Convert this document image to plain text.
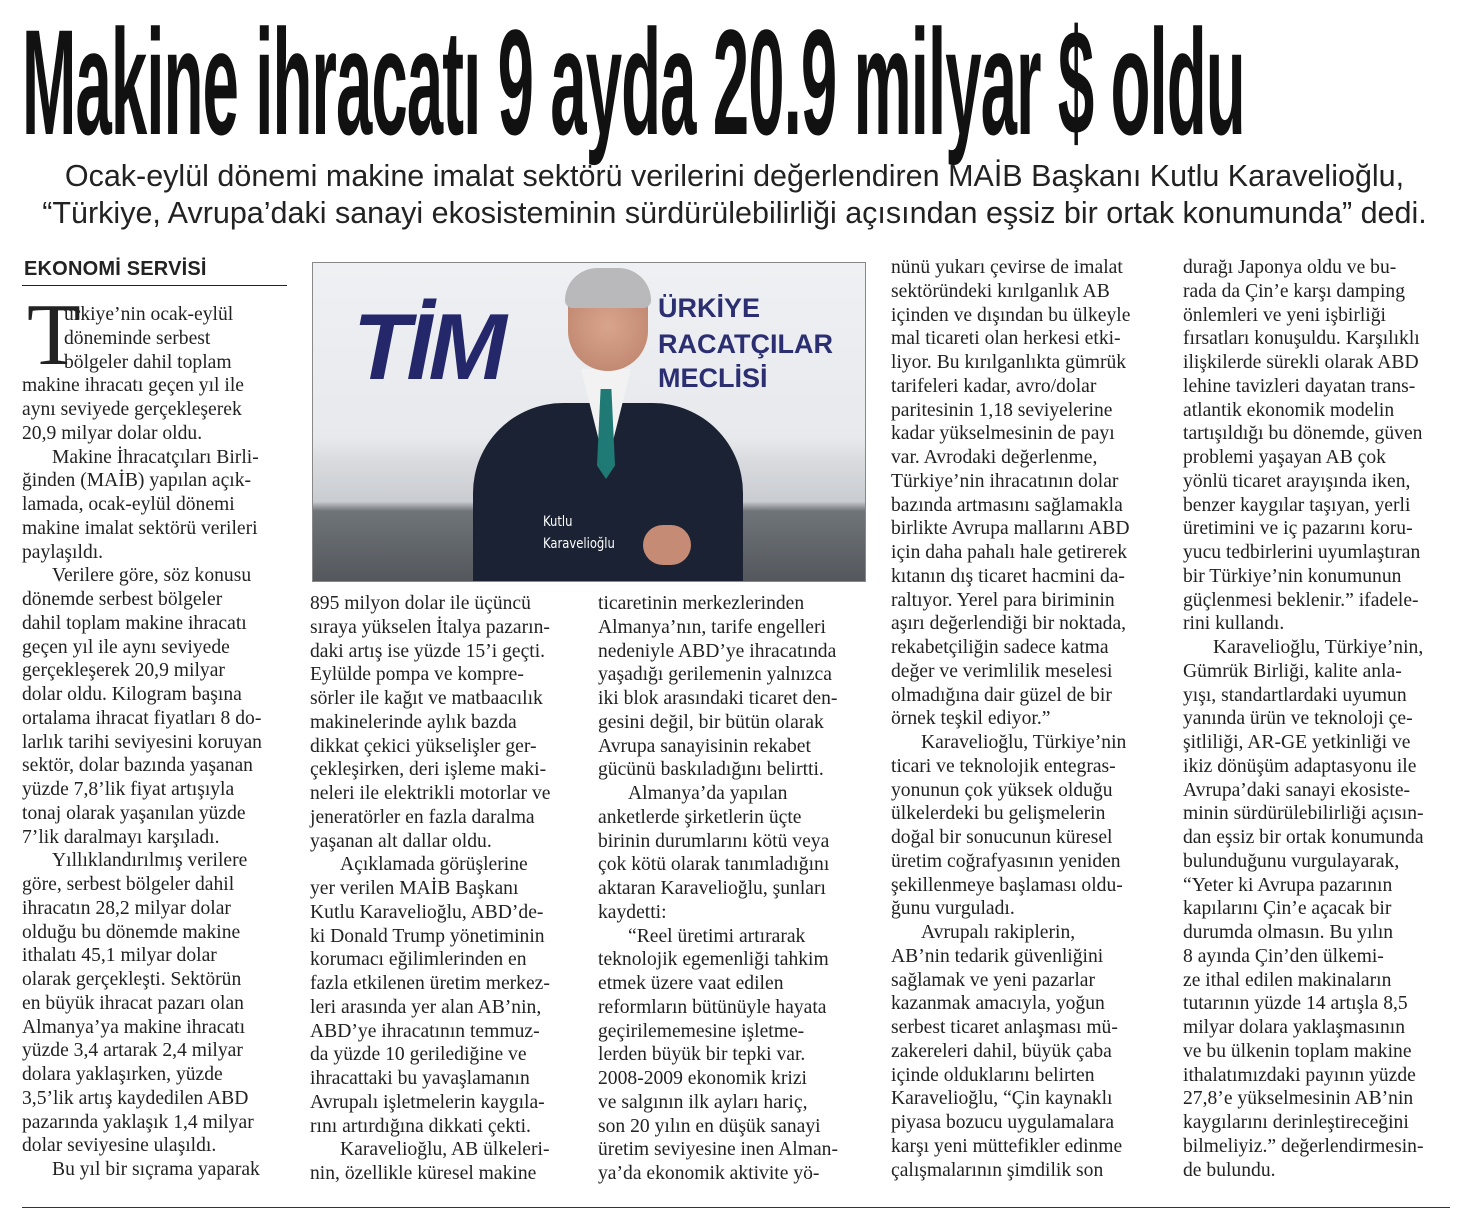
Makine ihracatı 9 ayda 20.9 milyar $ oldu
Ocak-eylül dönemi makine imalat sektörü verilerini değerlendiren MAİB Başkanı Kutlu Karavelioğlu,
“Türkiye, Avrupa’daki sanayi ekosisteminin sürdürülebilirliği açısından eşsiz bir ortak konumunda” dedi.
EKONOMİ SERVİSİ
T	TİM	ÜRKİYE
RACATÇILAR
MECLİSİ
Kutlu
Karavelioğlu
ürkiye’nin ocak-eylül
döneminde serbest
bölgeler dahil toplam
makine ihracatı geçen yıl ile
aynı seviyede gerçekleşerek
20,9 milyar dolar oldu.
Makine İhracatçıları Birli-
ğinden (MAİB) yapılan açık-
lamada, ocak-eylül dönemi
makine imalat sektörü verileri
paylaşıldı.
Verilere göre, söz konusu
dönemde serbest bölgeler
dahil toplam makine ihracatı
geçen yıl ile aynı seviyede
gerçekleşerek 20,9 milyar
dolar oldu. Kilogram başına
ortalama ihracat fiyatları 8 do-
larlık tarihi seviyesini koruyan
sektör, dolar bazında yaşanan
yüzde 7,8’lik fiyat artışıyla
tonaj olarak yaşanılan yüzde
7’lik daralmayı karşıladı.
Yıllıklandırılmış verilere
göre, serbest bölgeler dahil
ihracatın 28,2 milyar dolar
olduğu bu dönemde makine
ithalatı 45,1 milyar dolar
olarak gerçekleşti. Sektörün
en büyük ihracat pazarı olan
Almanya’ya makine ihracatı
yüzde 3,4 artarak 2,4 milyar
dolara yaklaşırken, yüzde
3,5’lik artış kaydedilen ABD
pazarında yaklaşık 1,4 milyar
dolar seviyesine ulaşıldı.
Bu yıl bir sıçrama yaparak
895 milyon dolar ile üçüncü
sıraya yükselen İtalya pazarın-
daki artış ise yüzde 15’i geçti.
Eylülde pompa ve kompre-
sörler ile kağıt ve matbaacılık
makinelerinde aylık bazda
dikkat çekici yükselişler ger-
çekleşirken, deri işleme maki-
neleri ile elektrikli motorlar ve
jeneratörler en fazla daralma
yaşanan alt dallar oldu.
Açıklamada görüşlerine
yer verilen MAİB Başkanı
Kutlu Karavelioğlu, ABD’de-
ki Donald Trump yönetiminin
korumacı eğilimlerinden en
fazla etkilenen üretim merkez-
leri arasında yer alan AB’nin,
ABD’ye ihracatının temmuz-
da yüzde 10 gerilediğine ve
ihracattaki bu yavaşlamanın
Avrupalı işletmelerin kaygıla-
rını artırdığına dikkati çekti.
Karavelioğlu, AB ülkeleri-
nin, özellikle küresel makine
ticaretinin merkezlerinden
Almanya’nın, tarife engelleri
nedeniyle ABD’ye ihracatında
yaşadığı gerilemenin yalnızca
iki blok arasındaki ticaret den-
gesini değil, bir bütün olarak
Avrupa sanayisinin rekabet
gücünü baskıladığını belirtti.
Almanya’da yapılan
anketlerde şirketlerin üçte
birinin durumlarını kötü veya
çok kötü olarak tanımladığını
aktaran Karavelioğlu, şunları
kaydetti:
“Reel üretimi artırarak
teknolojik egemenliği tahkim
etmek üzere vaat edilen
reformların bütünüyle hayata
geçirilememesine işletme-
lerden büyük bir tepki var.
2008-2009 ekonomik krizi
ve salgının ilk ayları hariç,
son 20 yılın en düşük sanayi
üretim seviyesine inen Alman-
ya’da ekonomik aktivite yö-
nünü yukarı çevirse de imalat
sektöründeki kırılganlık AB
içinden ve dışından bu ülkeyle
mal ticareti olan herkesi etki-
liyor. Bu kırılganlıkta gümrük
tarifeleri kadar, avro/dolar
paritesinin 1,18 seviyelerine
kadar yükselmesinin de payı
var. Avrodaki değerlenme,
Türkiye’nin ihracatının dolar
bazında artmasını sağlamakla
birlikte Avrupa mallarını ABD
için daha pahalı hale getirerek
kıtanın dış ticaret hacmini da-
raltıyor. Yerel para biriminin
aşırı değerlendiği bir noktada,
rekabetçiliğin sadece katma
değer ve verimlilik meselesi
olmadığına dair güzel de bir
örnek teşkil ediyor.”
Karavelioğlu, Türkiye’nin
ticari ve teknolojik entegras-
yonunun çok yüksek olduğu
ülkelerdeki bu gelişmelerin
doğal bir sonucunun küresel
üretim coğrafyasının yeniden
şekillenmeye başlaması oldu-
ğunu vurguladı.
Avrupalı rakiplerin,
AB’nin tedarik güvenliğini
sağlamak ve yeni pazarlar
kazanmak amacıyla, yoğun
serbest ticaret anlaşması mü-
zakereleri dahil, büyük çaba
içinde olduklarını belirten
Karavelioğlu, “Çin kaynaklı
piyasa bozucu uygulamalara
karşı yeni müttefikler edinme
çalışmalarının şimdilik son
durağı Japonya oldu ve bu-
rada da Çin’e karşı damping
önlemleri ve yeni işbirliği
fırsatları konuşuldu. Karşılıklı
ilişkilerde sürekli olarak ABD
lehine tavizleri dayatan trans-
atlantik ekonomik modelin
tartışıldığı bu dönemde, güven
problemi yaşayan AB çok
yönlü ticaret arayışında iken,
benzer kaygılar taşıyan, yerli
üretimini ve iç pazarını koru-
yucu tedbirlerini uyumlaştıran
bir Türkiye’nin konumunun
güçlenmesi beklenir.” ifadele-
rini kullandı.
Karavelioğlu, Türkiye’nin,
Gümrük Birliği, kalite anla-
yışı, standartlardaki uyumun
yanında ürün ve teknoloji çe-
şitliliği, AR-GE yetkinliği ve
ikiz dönüşüm adaptasyonu ile
Avrupa’daki sanayi ekosiste-
minin sürdürülebilirliği açısın-
dan eşsiz bir ortak konumunda
bulunduğunu vurgulayarak,
“Yeter ki Avrupa pazarının
kapılarını Çin’e açacak bir
durumda olmasın. Bu yılın
8 ayında Çin’den ülkemi-
ze ithal edilen makinaların
tutarının yüzde 14 artışla 8,5
milyar dolara yaklaşmasının
ve bu ülkenin toplam makine
ithalatımızdaki payının yüzde
27,8’e yükselmesinin AB’nin
kaygılarını derinleştireceğini
bilmeliyiz.” değerlendirmesin-
de bulundu.
